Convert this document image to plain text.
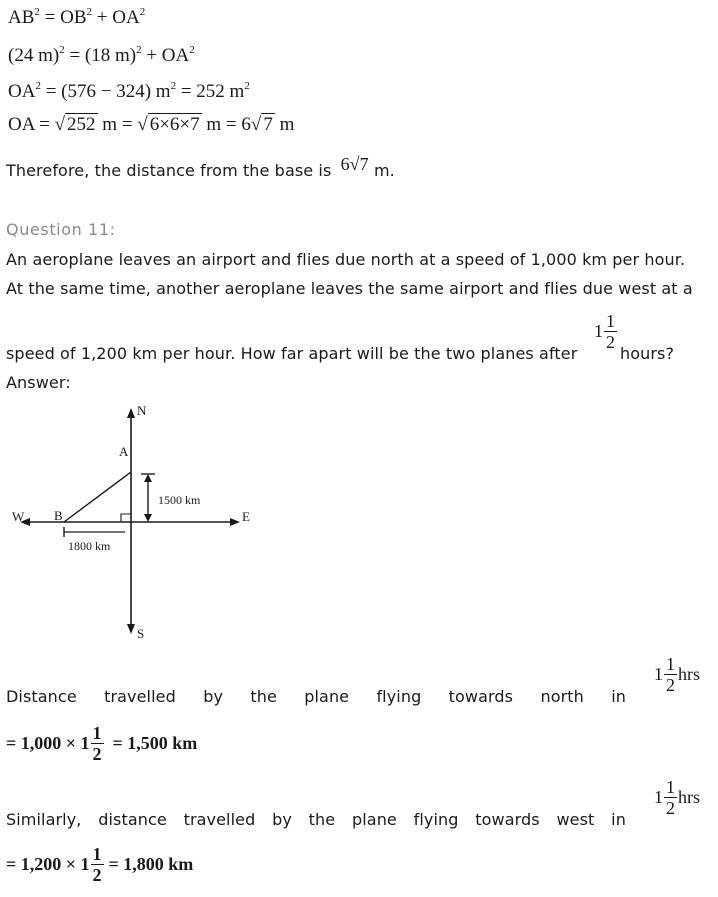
$AB^2 = OB^2 + OA^2$
(24 m)$^2$ = (18 $m)^2 + OA^2$
$OA^2 = (576 - 324) m^2 = 252$ $m^2$
OA = √ 252 m = √ 6×6×7 m = 6√ 7 m
Therefore, the distance from the base is 6√7 m.
Question 11:
An aeroplane leaves an airport and flies due north at a speed of 1,000 km per hour.
At the same time, another aeroplane leaves the same airport and flies due west at a
speed of 1,200 km per hour. How far apart will be the two planes after
$1 \frac{1}{2}$
hours?
Answer:
N
S
E
W
A
B
1500 km
1800 km
Distance travelled by the plane flying towards north in
$1 \frac{1}{2}$ hrs
= $1,000 \times 1 \frac{1}{2} = 1,500$ km
Similarly, distance travelled by the plane flying towards west in
$1 \frac{1}{2}$ hrs
= $1,200 \times 1 \frac{1}{2} = 1,800$ km
